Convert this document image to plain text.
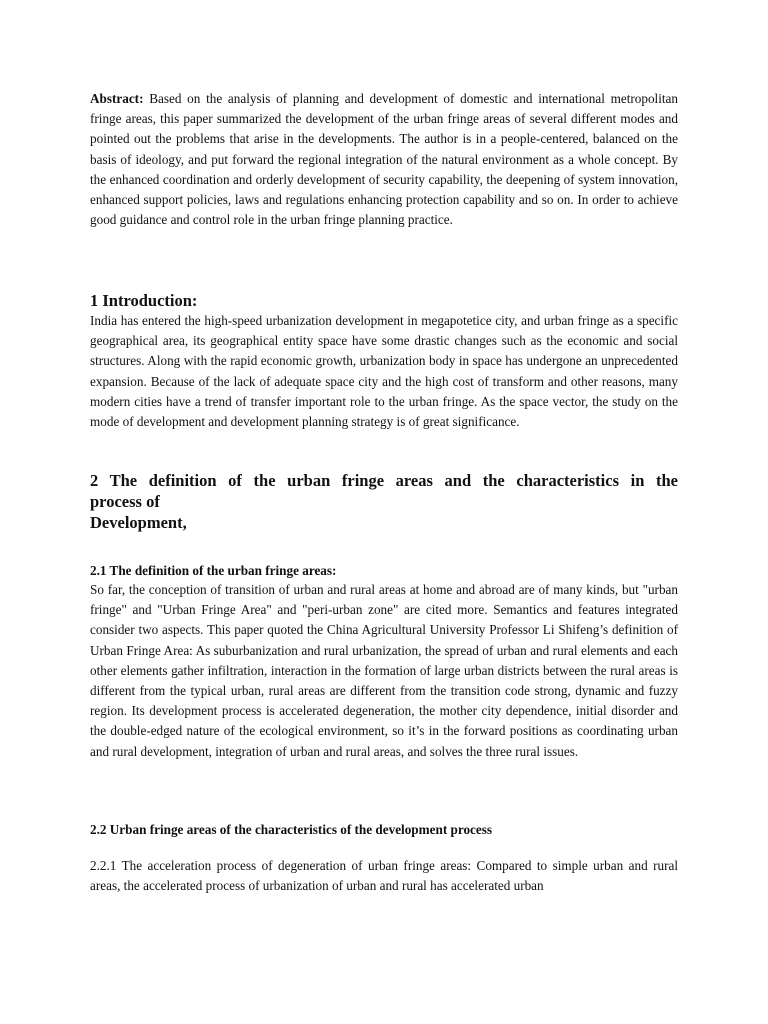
Abstract: Based on the analysis of planning and development of domestic and international metropolitan fringe areas, this paper summarized the development of the urban fringe areas of several different modes and pointed out the problems that arise in the developments. The author is in a people-centered, balanced on the basis of ideology, and put forward the regional integration of the natural environment as a whole concept. By the enhanced coordination and orderly development of security capability, the deepening of system innovation, enhanced support policies, laws and regulations enhancing protection capability and so on. In order to achieve good guidance and control role in the urban fringe planning practice.

1 Introduction:

India has entered the high-speed urbanization development in megapotetice city, and urban fringe as a specific geographical area, its geographical entity space have some drastic changes such as the economic and social structures. Along with the rapid economic growth, urbanization body in space has undergone an unprecedented expansion. Because of the lack of adequate space city and the high cost of transform and other reasons, many modern cities have a trend of transfer important role to the urban fringe. As the space vector, the study on the mode of development and development planning strategy is of great significance.

2 The definition of the urban fringe areas and the characteristics in the
process of
Development,
2.1 The definition of the urban fringe areas:

So far, the conception of transition of urban and rural areas at home and abroad are of many kinds, but "urban fringe" and "Urban Fringe Area" and "peri-urban zone" are cited more. Semantics and features integrated consider two aspects. This paper quoted the China Agricultural University Professor Li Shifeng’s definition of Urban Fringe Area: As suburbanization and rural urbanization, the spread of urban and rural elements and each other elements gather infiltration, interaction in the formation of large urban districts between the rural areas is different from the typical urban, rural areas are different from the transition code strong, dynamic and fuzzy region. Its development process is accelerated degeneration, the mother city dependence, initial disorder and the double-edged nature of the ecological environment, so it’s in the forward positions as coordinating urban and rural development, integration of urban and rural areas, and solves the three rural issues.

2.2 Urban fringe areas of the characteristics of the development process

2.2.1 The acceleration process of degeneration of urban fringe areas: Compared to simple urban and rural areas, the accelerated process of urbanization of urban and rural has accelerated urban
